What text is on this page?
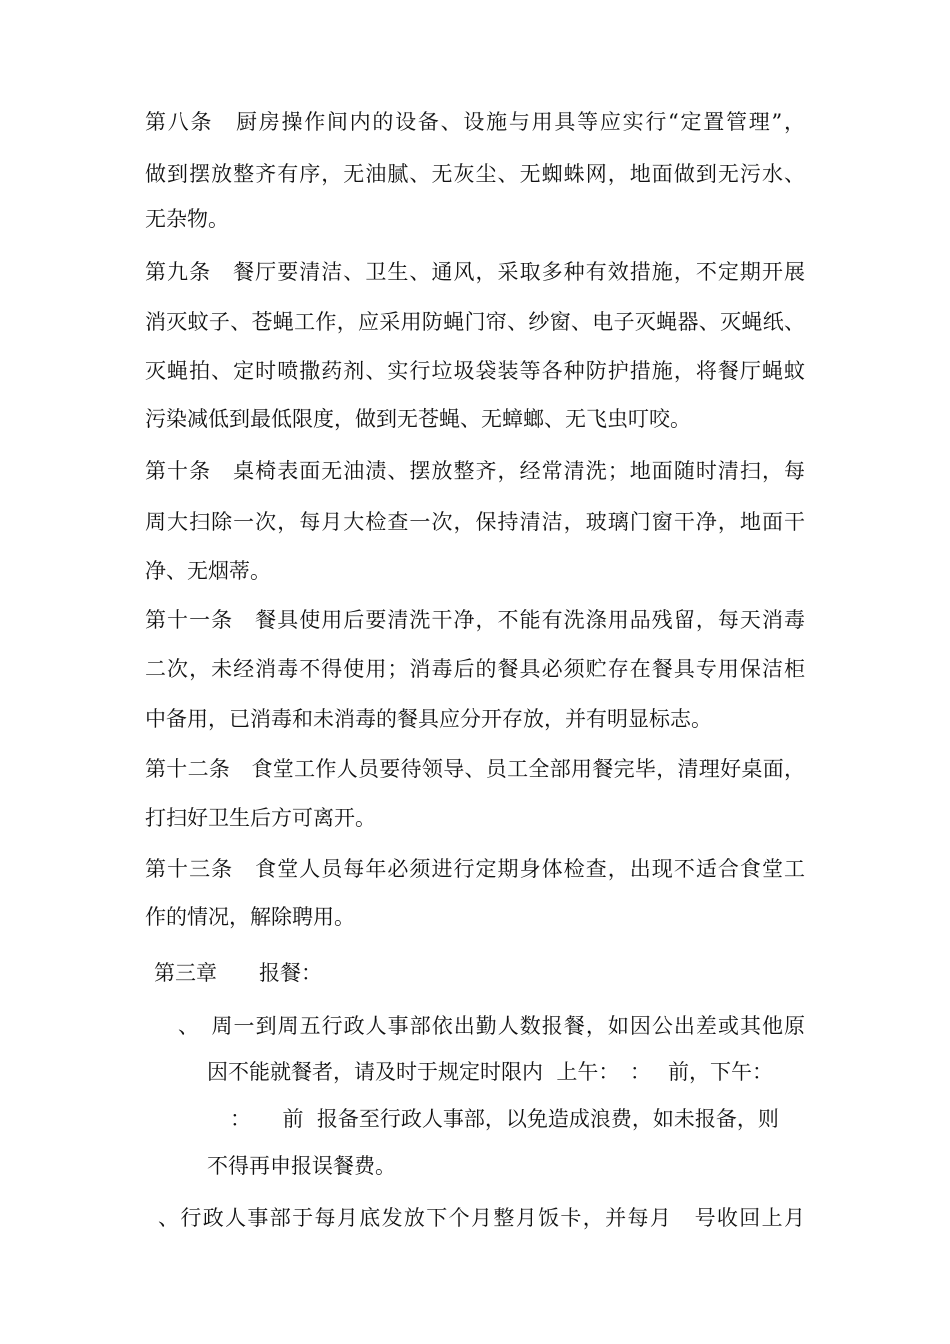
第八条　厨房操作间内的设备、设施与用具等应实行“定置管理”，
做到摆放整齐有序，无油腻、无灰尘、无蜘蛛网，地面做到无污水、
无杂物。
第九条　餐厅要清洁、卫生、通风，采取多种有效措施，不定期开展
消灭蚊子、苍蝇工作，应采用防蝇门帘、纱窗、电子灭蝇器、灭蝇纸、
灭蝇拍、定时喷撒药剂、实行垃圾袋装等各种防护措施，将餐厅蝇蚊
污染减低到最低限度，做到无苍蝇、无蟑螂、无飞虫叮咬。
第十条　桌椅表面无油渍、摆放整齐，经常清洗；地面随时清扫，每
周大扫除一次，每月大检查一次，保持清洁，玻璃门窗干净，地面干
净、无烟蒂。
第十一条　餐具使用后要清洗干净，不能有洗涤用品残留，每天消毒
二次，未经消毒不得使用；消毒后的餐具必须贮存在餐具专用保洁柜
中备用，已消毒和未消毒的餐具应分开存放，并有明显标志。
第十二条　食堂工作人员要待领导、员工全部用餐完毕，清理好桌面，
打扫好卫生后方可离开。
第十三条　食堂人员每年必须进行定期身体检查，出现不适合食堂工
作的情况，解除聘用。
第三章　　报餐：
、　周一到周五行政人事部依出勤人数报餐，如因公出差或其他原
因不能就餐者，请及时于规定时限内  上午：　：　 前，下午：
：　　前  报备至行政人事部，以免造成浪费，如未报备，则
不得再申报误餐费。
、行政人事部于每月底发放下个月整月饭卡，并每月　号收回上月
